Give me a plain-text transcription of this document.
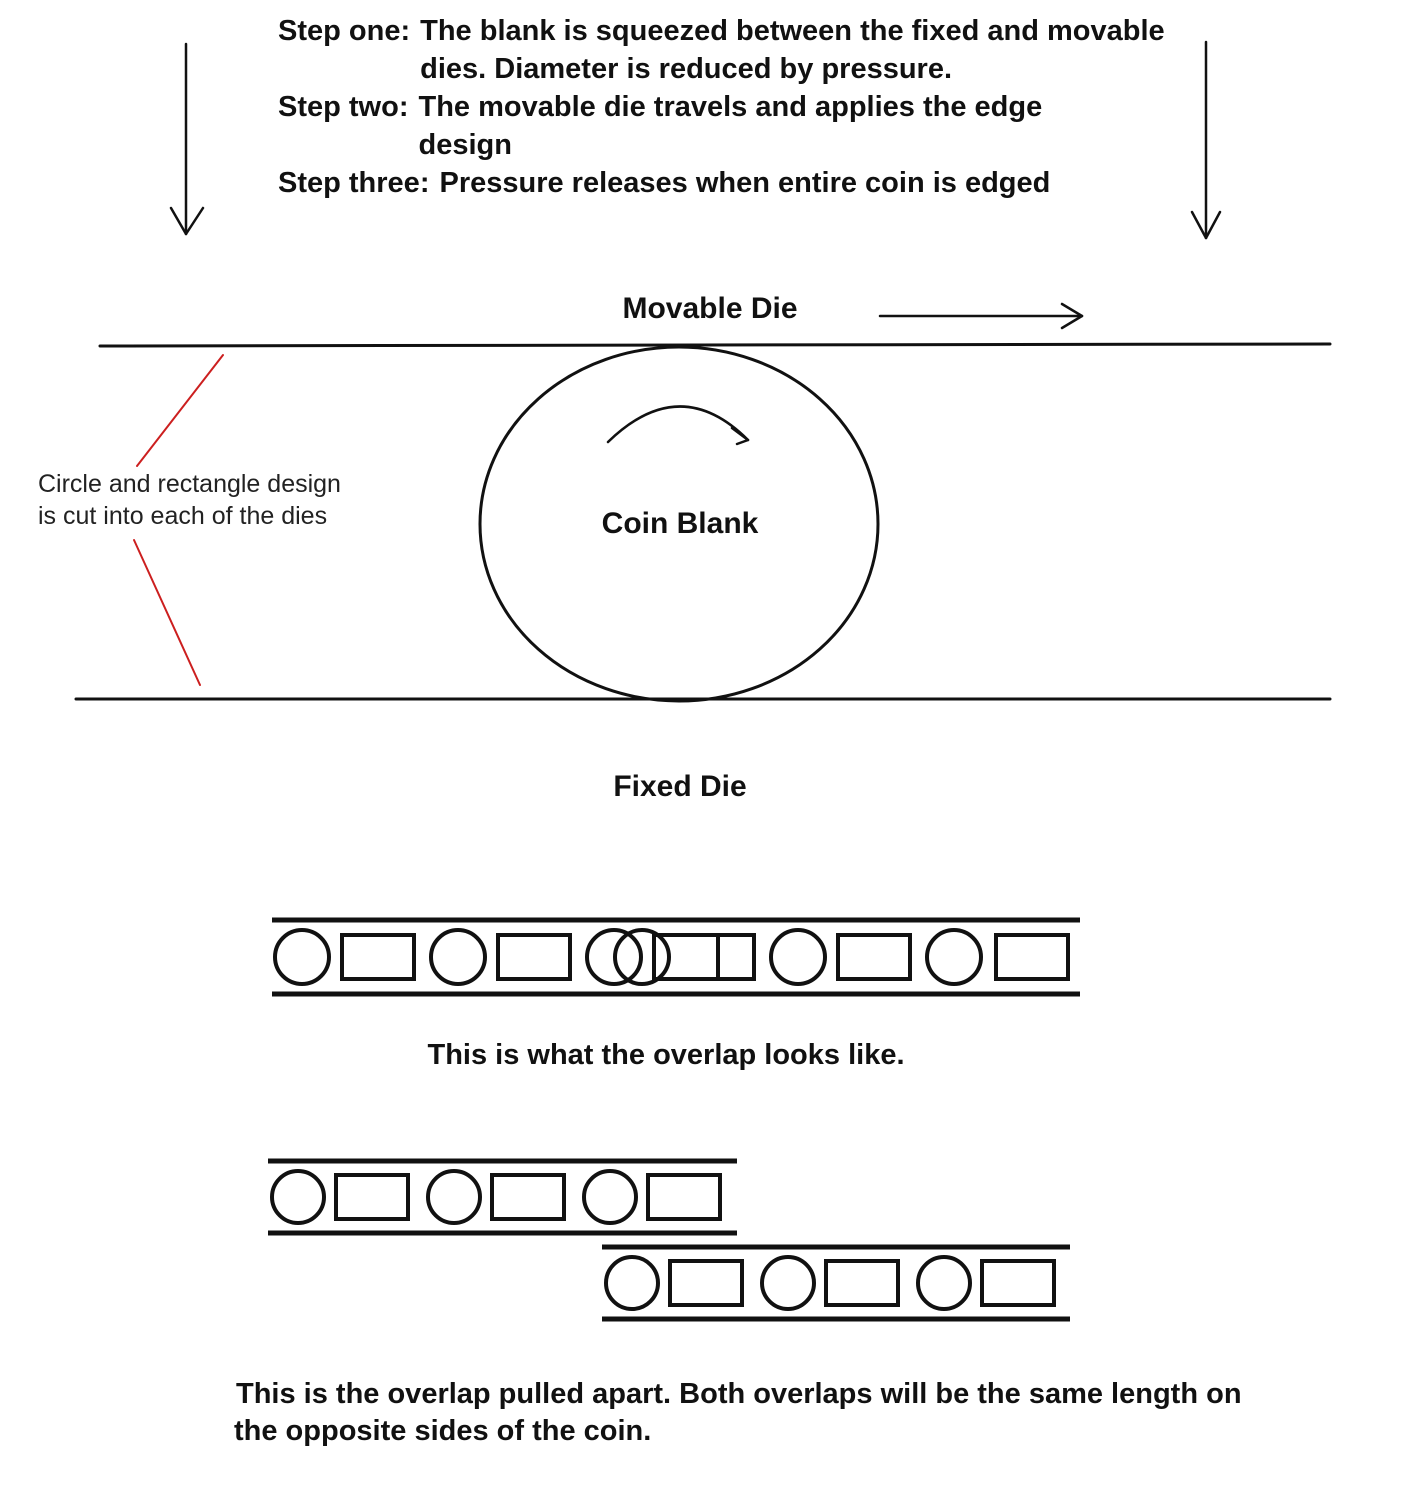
Movable Die
Coin Blank
Fixed Die
This is what the overlap looks like.
This is the overlap pulled apart. Both overlaps will be the same length on
the opposite sides of the coin.
Step one: The blank is squeezed between the fixed and movable dies. Diameter is reduced by pressure.
Step two: The movable die travels and applies the edge design
Step three: Pressure releases when entire coin is edged
Circle and rectangle design
is cut into each of the dies
